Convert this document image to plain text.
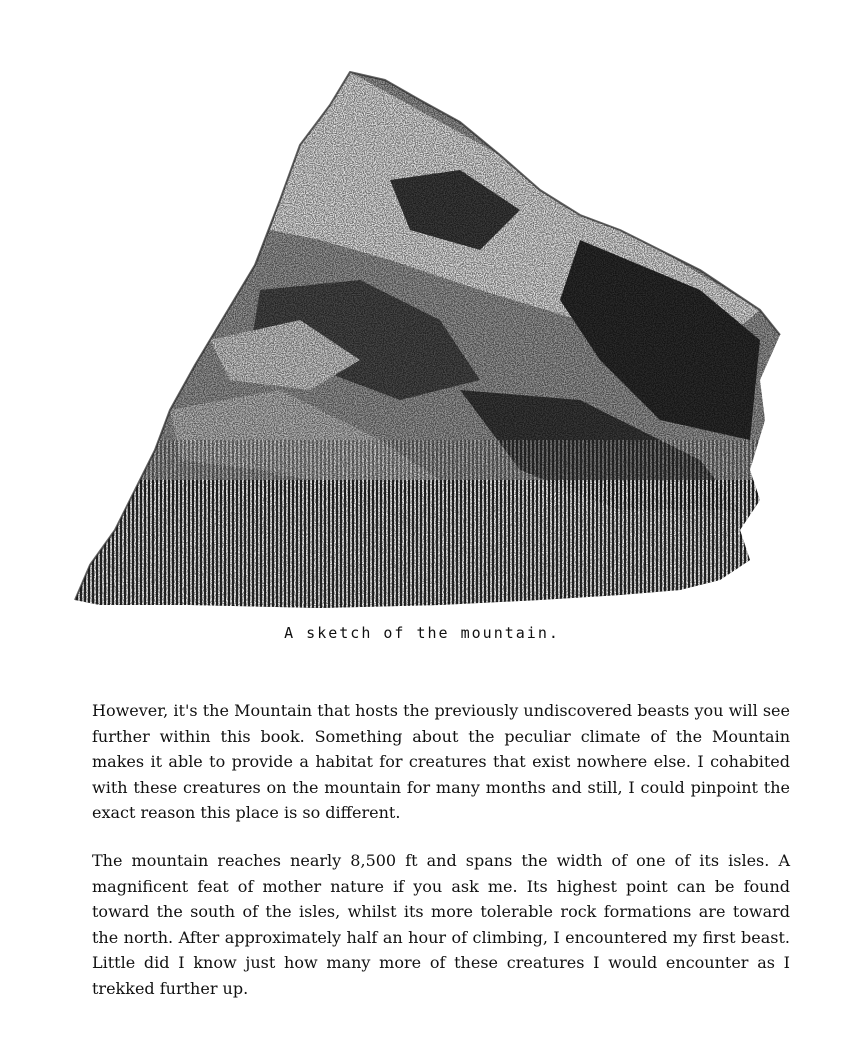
A sketch of the mountain.

However, it's the Mountain that hosts the previously undiscovered beasts you will see further within this book. Something about the peculiar climate of the Mountain makes it able to provide a habitat for creatures that exist nowhere else. I cohabited with these creatures on the mountain for many months and still, I could pinpoint the exact reason this place is so different.

The mountain reaches nearly 8,500 ft and spans the width of one of its isles. A magnificent feat of mother nature if you ask me. Its highest point can be found toward the south of the isles, whilst its more tolerable rock formations are toward the north. After approximately half an hour of climbing, I encountered my first beast. Little did I know just how many more of these creatures I would encounter as I trekked further up.
